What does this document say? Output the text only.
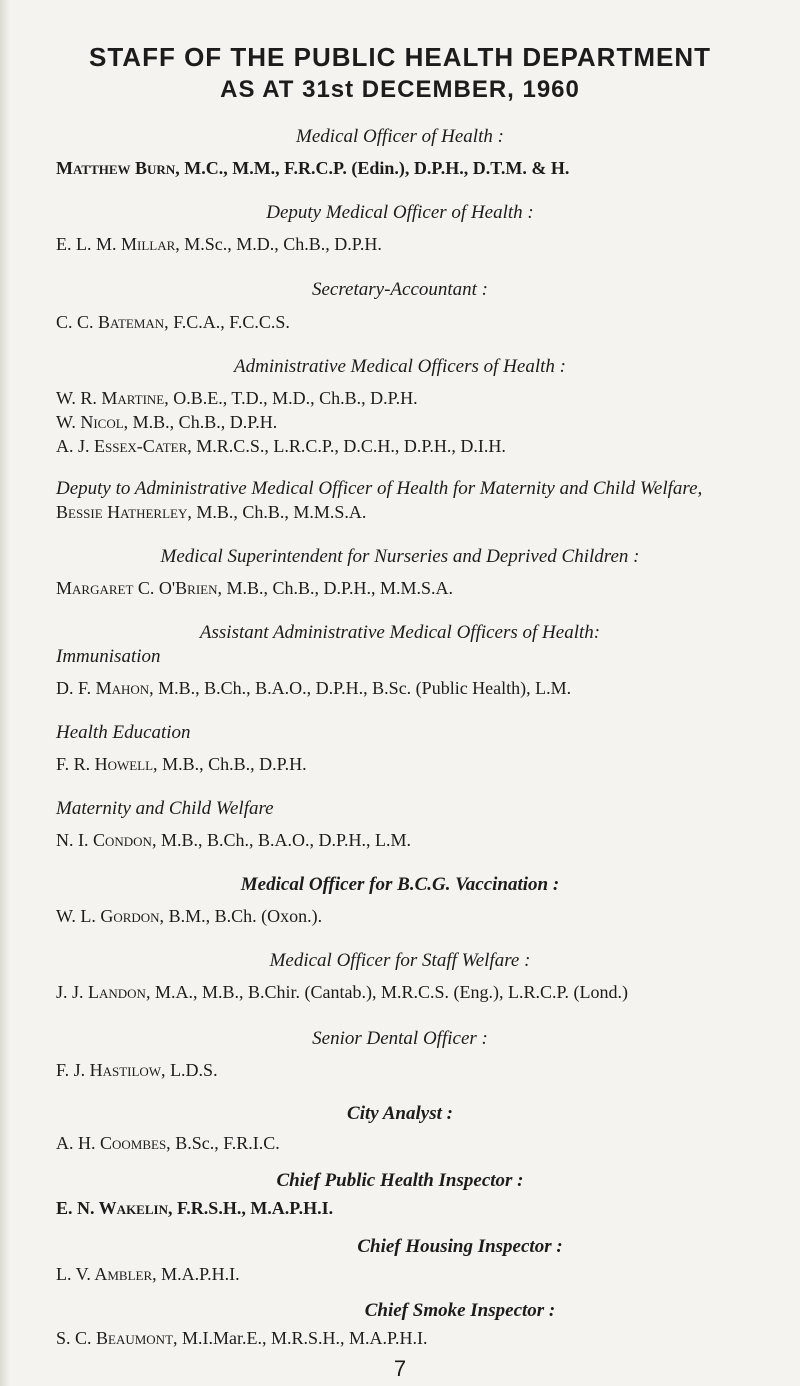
STAFF OF THE PUBLIC HEALTH DEPARTMENT
AS AT 31st DECEMBER, 1960
Medical Officer of Health :
Matthew Burn, M.C., M.M., F.R.C.P. (Edin.), D.P.H., D.T.M. & H.
Deputy Medical Officer of Health :
E. L. M. Millar, M.Sc., M.D., Ch.B., D.P.H.
Secretary-Accountant :
C. C. Bateman, F.C.A., F.C.C.S.
Administrative Medical Officers of Health :
W. R. Martine, O.B.E., T.D., M.D., Ch.B., D.P.H.
W. Nicol, M.B., Ch.B., D.P.H.
A. J. Essex-Cater, M.R.C.S., L.R.C.P., D.C.H., D.P.H., D.I.H.
Deputy to Administrative Medical Officer of Health for Maternity and Child Welfare,
Bessie Hatherley, M.B., Ch.B., M.M.S.A.
Medical Superintendent for Nurseries and Deprived Children :
Margaret C. O'Brien, M.B., Ch.B., D.P.H., M.M.S.A.
Assistant Administrative Medical Officers of Health:
Immunisation
D. F. Mahon, M.B., B.Ch., B.A.O., D.P.H., B.Sc. (Public Health), L.M.
Health Education
F. R. Howell, M.B., Ch.B., D.P.H.
Maternity and Child Welfare
N. I. Condon, M.B., B.Ch., B.A.O., D.P.H., L.M.
Medical Officer for B.C.G. Vaccination :
W. L. Gordon, B.M., B.Ch. (Oxon.).
Medical Officer for Staff Welfare :
J. J. Landon, M.A., M.B., B.Chir. (Cantab.), M.R.C.S. (Eng.), L.R.C.P. (Lond.)
Senior Dental Officer :
F. J. Hastilow, L.D.S.
City Analyst :
A. H. Coombes, B.Sc., F.R.I.C.
Chief Public Health Inspector :
E. N. Wakelin, F.R.S.H., M.A.P.H.I.
Chief Housing Inspector :
L. V. Ambler, M.A.P.H.I.
Chief Smoke Inspector :
S. C. Beaumont, M.I.Mar.E., M.R.S.H., M.A.P.H.I.
7
